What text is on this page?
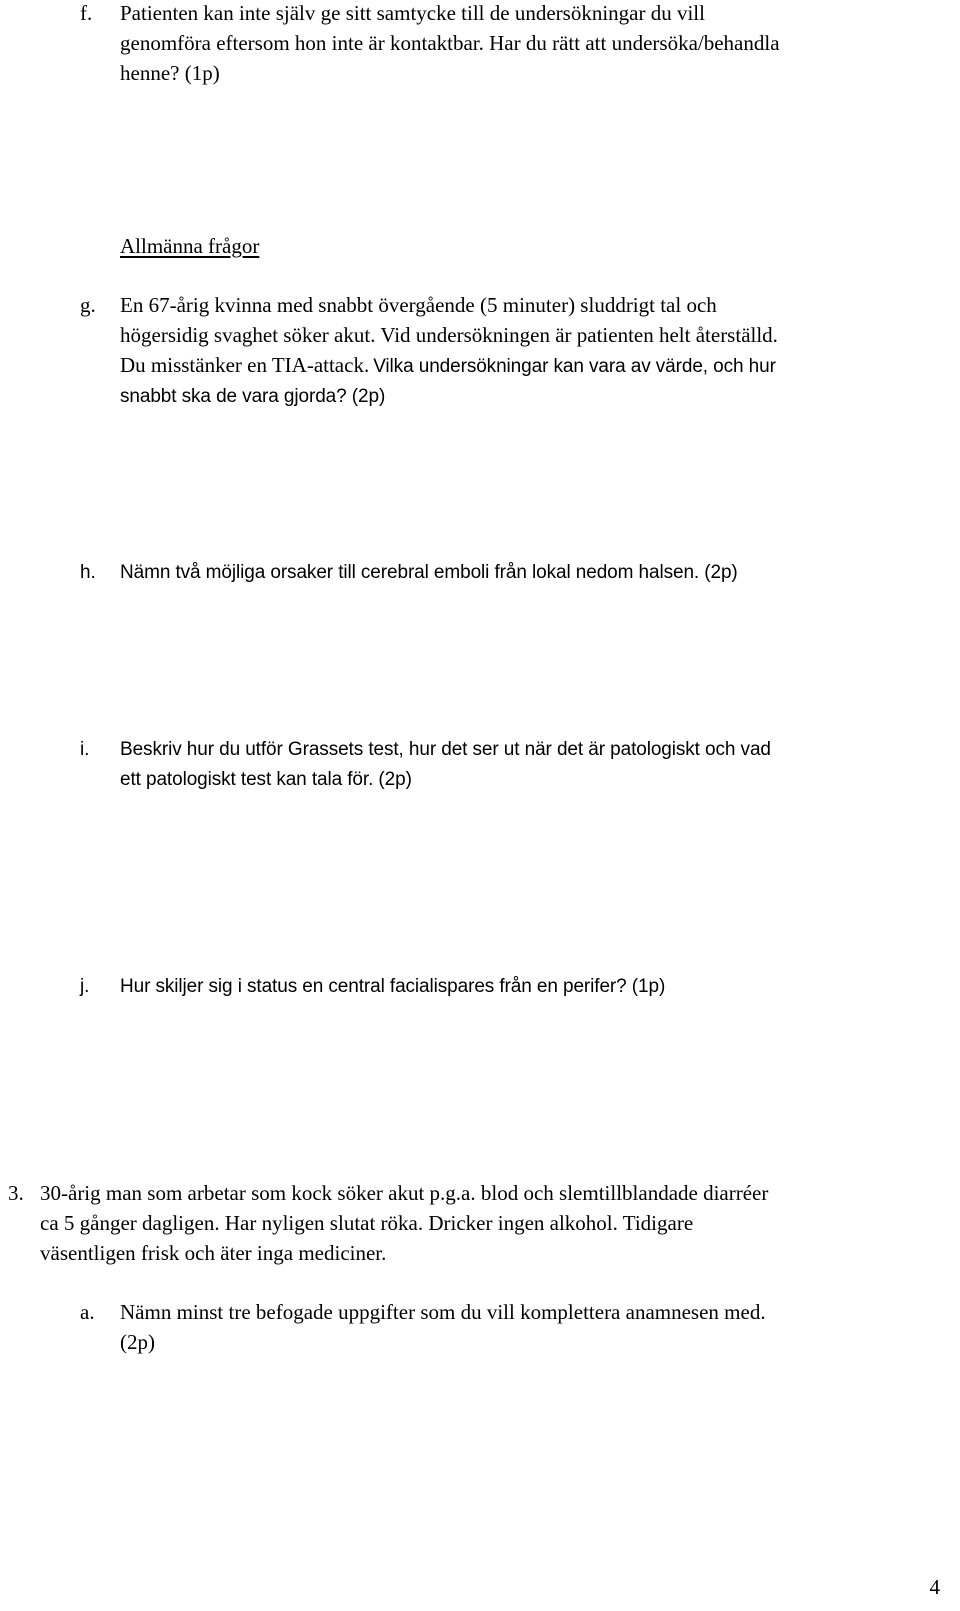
f.	Patienten kan inte själv ge sitt samtycke till de undersökningar du vill
genomföra eftersom hon inte är kontaktbar. Har du rätt att undersöka/behandla
henne? (1p)
Allmänna frågor
g.	En 67-årig kvinna med snabbt övergående (5 minuter) sluddrigt tal och
högersidig svaghet söker akut. Vid undersökningen är patienten helt återställd.
Du misstänker en TIA-attack. Vilka undersökningar kan vara av värde, och hur
snabbt ska de vara gjorda? (2p)
h.	Nämn två möjliga orsaker till cerebral emboli från lokal nedom halsen. (2p)
i.	Beskriv hur du utför Grassets test, hur det ser ut när det är patologiskt och vad
ett patologiskt test kan tala för. (2p)
j.	Hur skiljer sig i status en central facialispares från en perifer? (1p)
3. 30-årig man som arbetar som kock söker akut p.g.a. blod och slemtillblandade diarréer
ca 5 gånger dagligen. Har nyligen slutat röka. Dricker ingen alkohol. Tidigare
väsentligen frisk och äter inga mediciner.
a.	Nämn minst tre befogade uppgifter som du vill komplettera anamnesen med.
(2p)
4
